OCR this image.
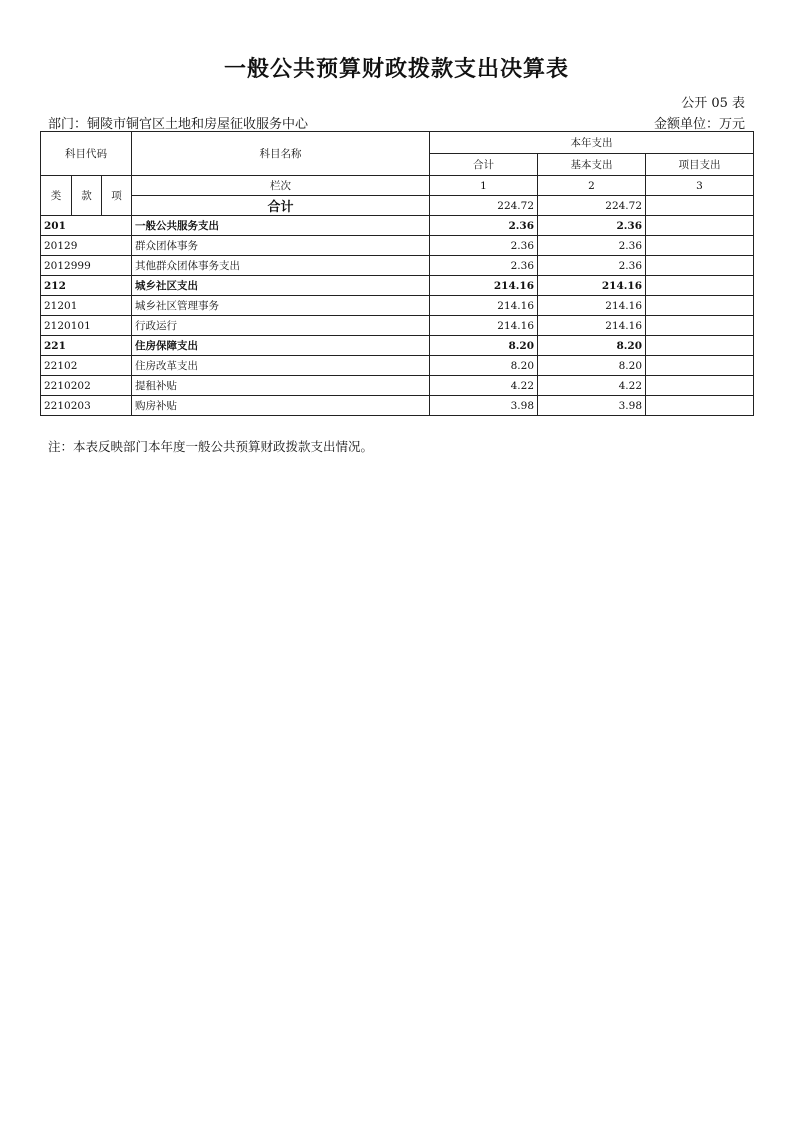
一般公共预算财政拨款支出决算表
公开 05 表
部门：铜陵市铜官区土地和房屋征收服务中心	金额单位：万元
科目代码			科目名称	本年支出		
				合计	基本支出	项目支出
类	款	项	栏次	1	2	3
			合计	224.72	224.72	
201			一般公共服务支出	2.36	2.36	
20129			群众团体事务	2.36	2.36	
2012999			其他群众团体事务支出	2.36	2.36	
212			城乡社区支出	214.16	214.16	
21201			城乡社区管理事务	214.16	214.16	
2120101			行政运行	214.16	214.16	
221			住房保障支出	8.20	8.20	
22102			住房改革支出	8.20	8.20	
2210202			提租补贴	4.22	4.22	
2210203			购房补贴	3.98	3.98	
注：本表反映部门本年度一般公共预算财政拨款支出情况。
